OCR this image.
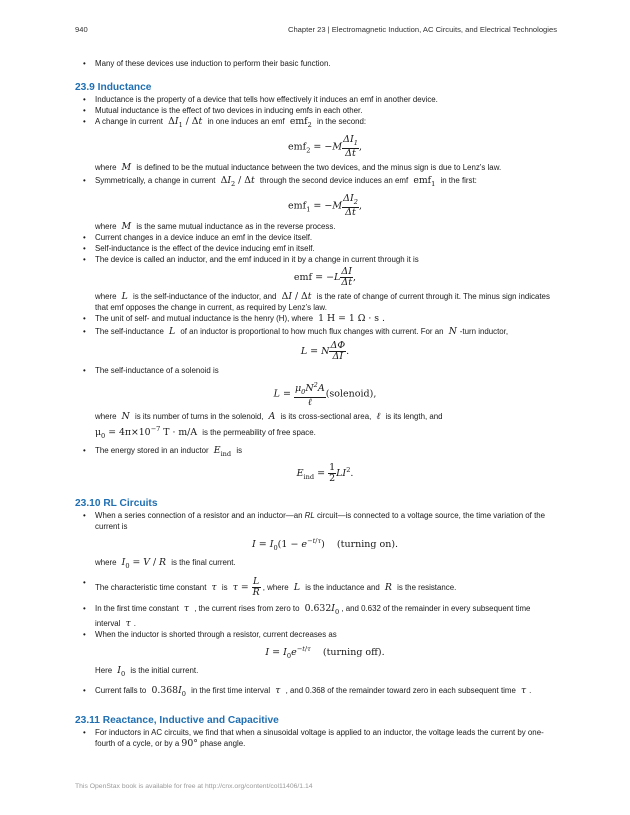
940	Chapter 23 | Electromagnetic Induction, AC Circuits, and Electrical Technologies
• Many of these devices use induction to perform their basic function.
23.9 Inductance
• Inductance is the property of a device that tells how effectively it induces an emf in another device.
• Mutual inductance is the effect of two devices in inducing emfs in each other.
• A change in current  $\Delta I_1$ / Δt in one induces an emf  emf$_2$ in the second:
$emf_2 = -M \frac{\Delta I_1}{\Delta t}$ ,
where  M  is defined to be the mutual inductance between the two devices, and the minus sign is due to Lenz’s law.
• Symmetrically, a change in current  $\Delta I_2$ / Δt through the second device induces an emf  emf$_1$ in the first:
$emf_1 = -M \frac{\Delta I_2}{\Delta t}$ ,
where  M  is the same mutual inductance as in the reverse process.
• Current changes in a device induce an emf in the device itself.
• Self-inductance is the effect of the device inducing emf in itself.
• The device is called an inductor, and the emf induced in it by a change in current through it is
emf = $-L \frac{\Delta I}{\Delta t}$ ,
where  L  is the self-inductance of the inductor, and  ΔI / Δt is the rate of change of current through it. The minus sign indicates that emf opposes the change in current, as required by Lenz’s law.
• The unit of self- and mutual inductance is the henry (H), where  1 H = 1 Ω · s .
• The self-inductance  L  of an inductor is proportional to how much flux changes with current. For an  N -turn inductor,
L = N $\frac{\Delta\Phi}{\Delta I}$ .
• The self-inductance of a solenoid is
$L = \frac{\mu_0N^2A}{\text{ℓ}}$ (solenoid),
where  N  is its number of turns in the solenoid,  A  is its cross-sectional area,  ℓ  is its length, and
$\mu_0 = 4\pi\times 10^{-7}$ T · m/A  is the permeability of free space.
• The energy stored in an inductor $E_{ind}$ is
$E_{ind} = \frac{1}{2} LI^2$.
23.10 RL Circuits
• When a series connection of a resistor and an inductor—an RL circuit—is connected to a voltage source, the time variation of the current is
$I = I_0(1 - e^{-t/\tau})$    (turning on).
where $I_0 = V / R$ is the final current.
• The characteristic time constant  τ  is $\tau = \frac{L}{R}$ , where  L  is the inductance and  R  is the resistance.
• In the first time constant  τ  , the current rises from zero to  $0.632I_0$ , and 0.632 of the remainder in every subsequent time interval  τ .
• When the inductor is shorted through a resistor, current decreases as
$I = I_0e^{-t/\tau}$ (turning off).
Here $I_0$ is the initial current.
• Current falls to  $0.368I_0$ in the first time interval  τ  , and 0.368 of the remainder toward zero in each subsequent time  τ .
23.11 Reactance, Inductive and Capacitive
• For inductors in AC circuits, we find that when a sinusoidal voltage is applied to an inductor, the voltage leads the current by one-fourth of a cycle, or by a 90° phase angle.
This OpenStax book is available for free at http://cnx.org/content/col11406/1.14
